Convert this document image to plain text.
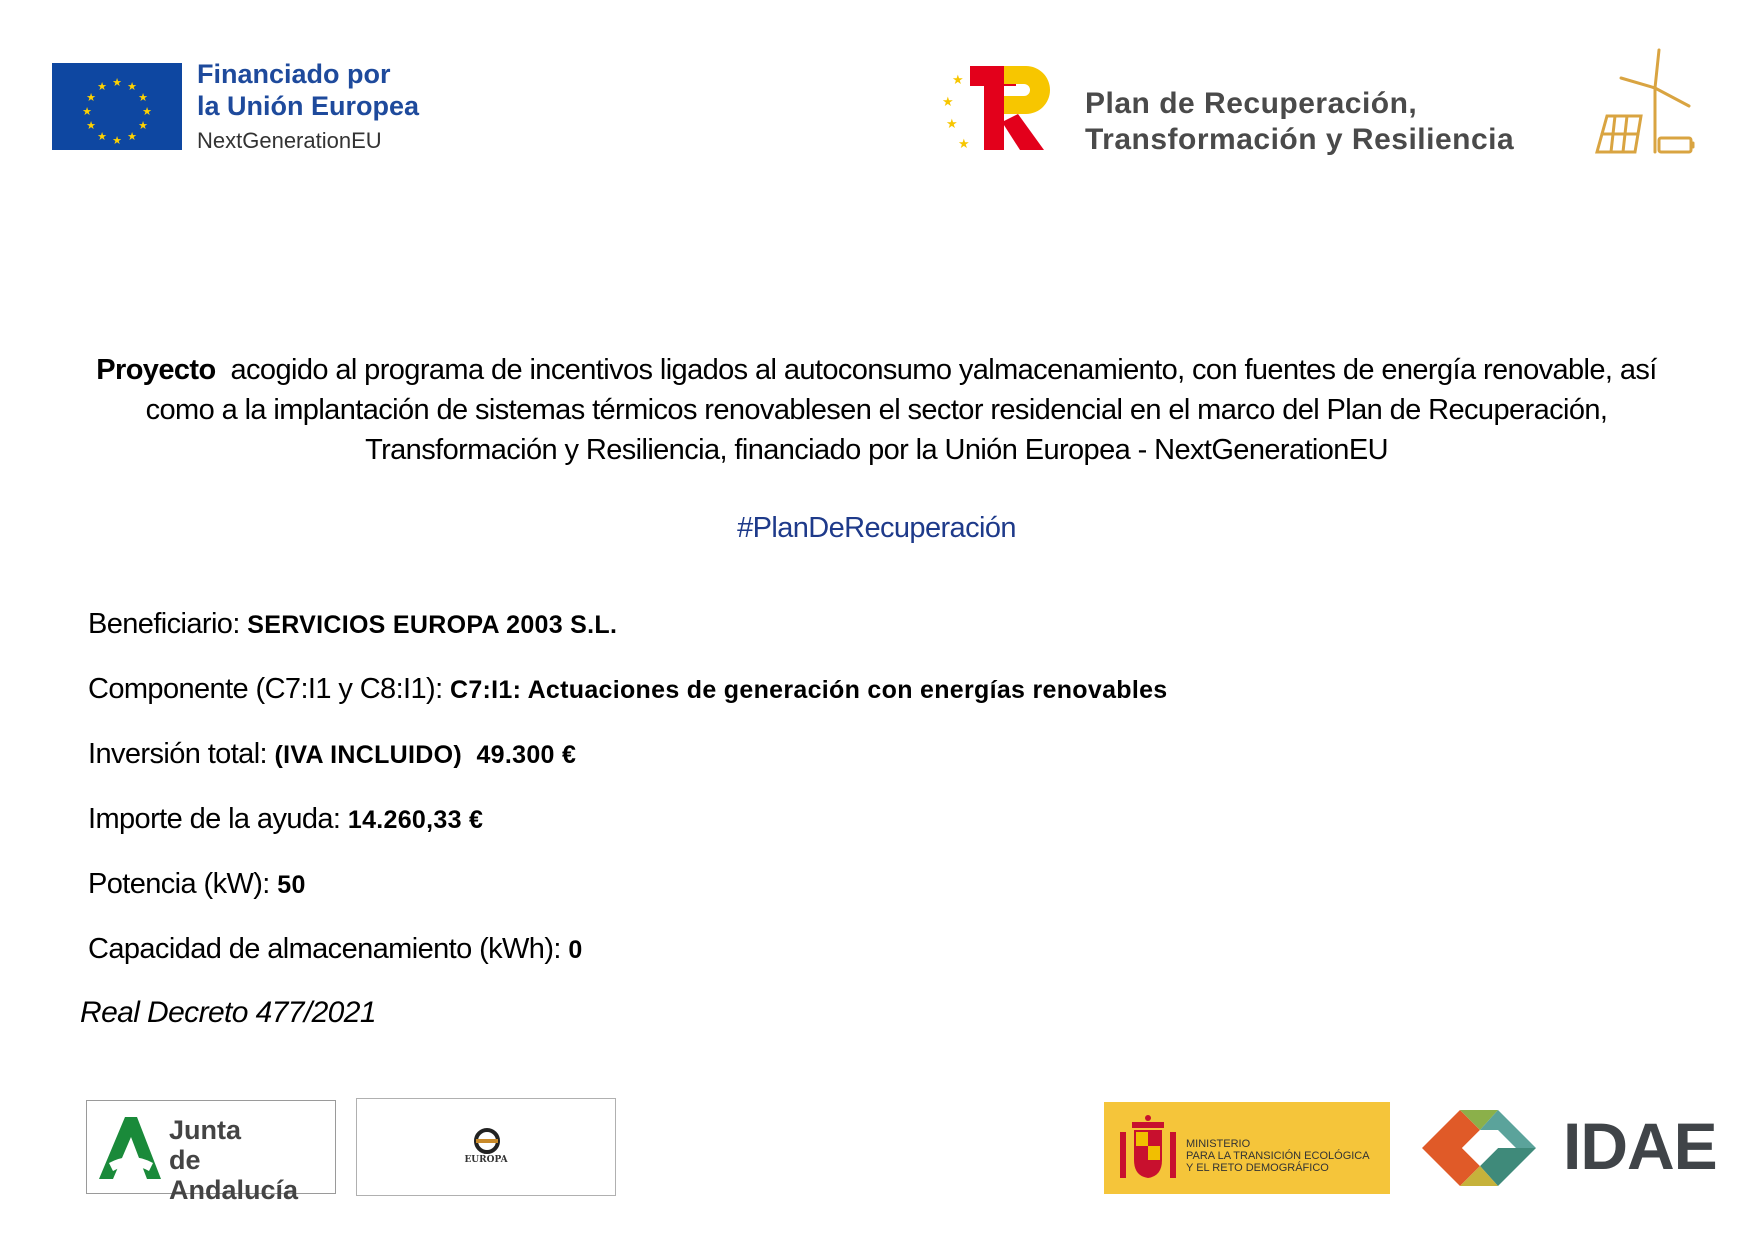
★ ★
★
★
★
★
★
★
★
★
★
★	Financiado por
la Unión Europea
NextGenerationEU
★
★
★
★
Plan de Recuperación,
Transformación y Resiliencia
Proyecto acogido al programa de incentivos ligados al autoconsumo yalmacenamiento, con fuentes de energía renovable, así como a la implantación de sistemas térmicos renovablesen el sector residencial en el marco del Plan de Recuperación, Transformación y Resiliencia, financiado por la Unión Europea - NextGenerationEU
#PlanDeRecuperación
Beneficiario: SERVICIOS EUROPA 2003 S.L.
Componente (C7:I1 y C8:I1): C7:I1: Actuaciones de generación con energías renovables
Inversión total: (IVA INCLUIDO)  49.300 €
Importe de la ayuda: 14.260,33 €
Potencia (kW): 50
Capacidad de almacenamiento (kWh): 0
Real Decreto 477/2021
Junta
de Andalucía
EUROPA
MINISTERIO
PARA LA TRANSICIÓN ECOLÓGICA
Y EL RETO DEMOGRÁFICO	IDAE
